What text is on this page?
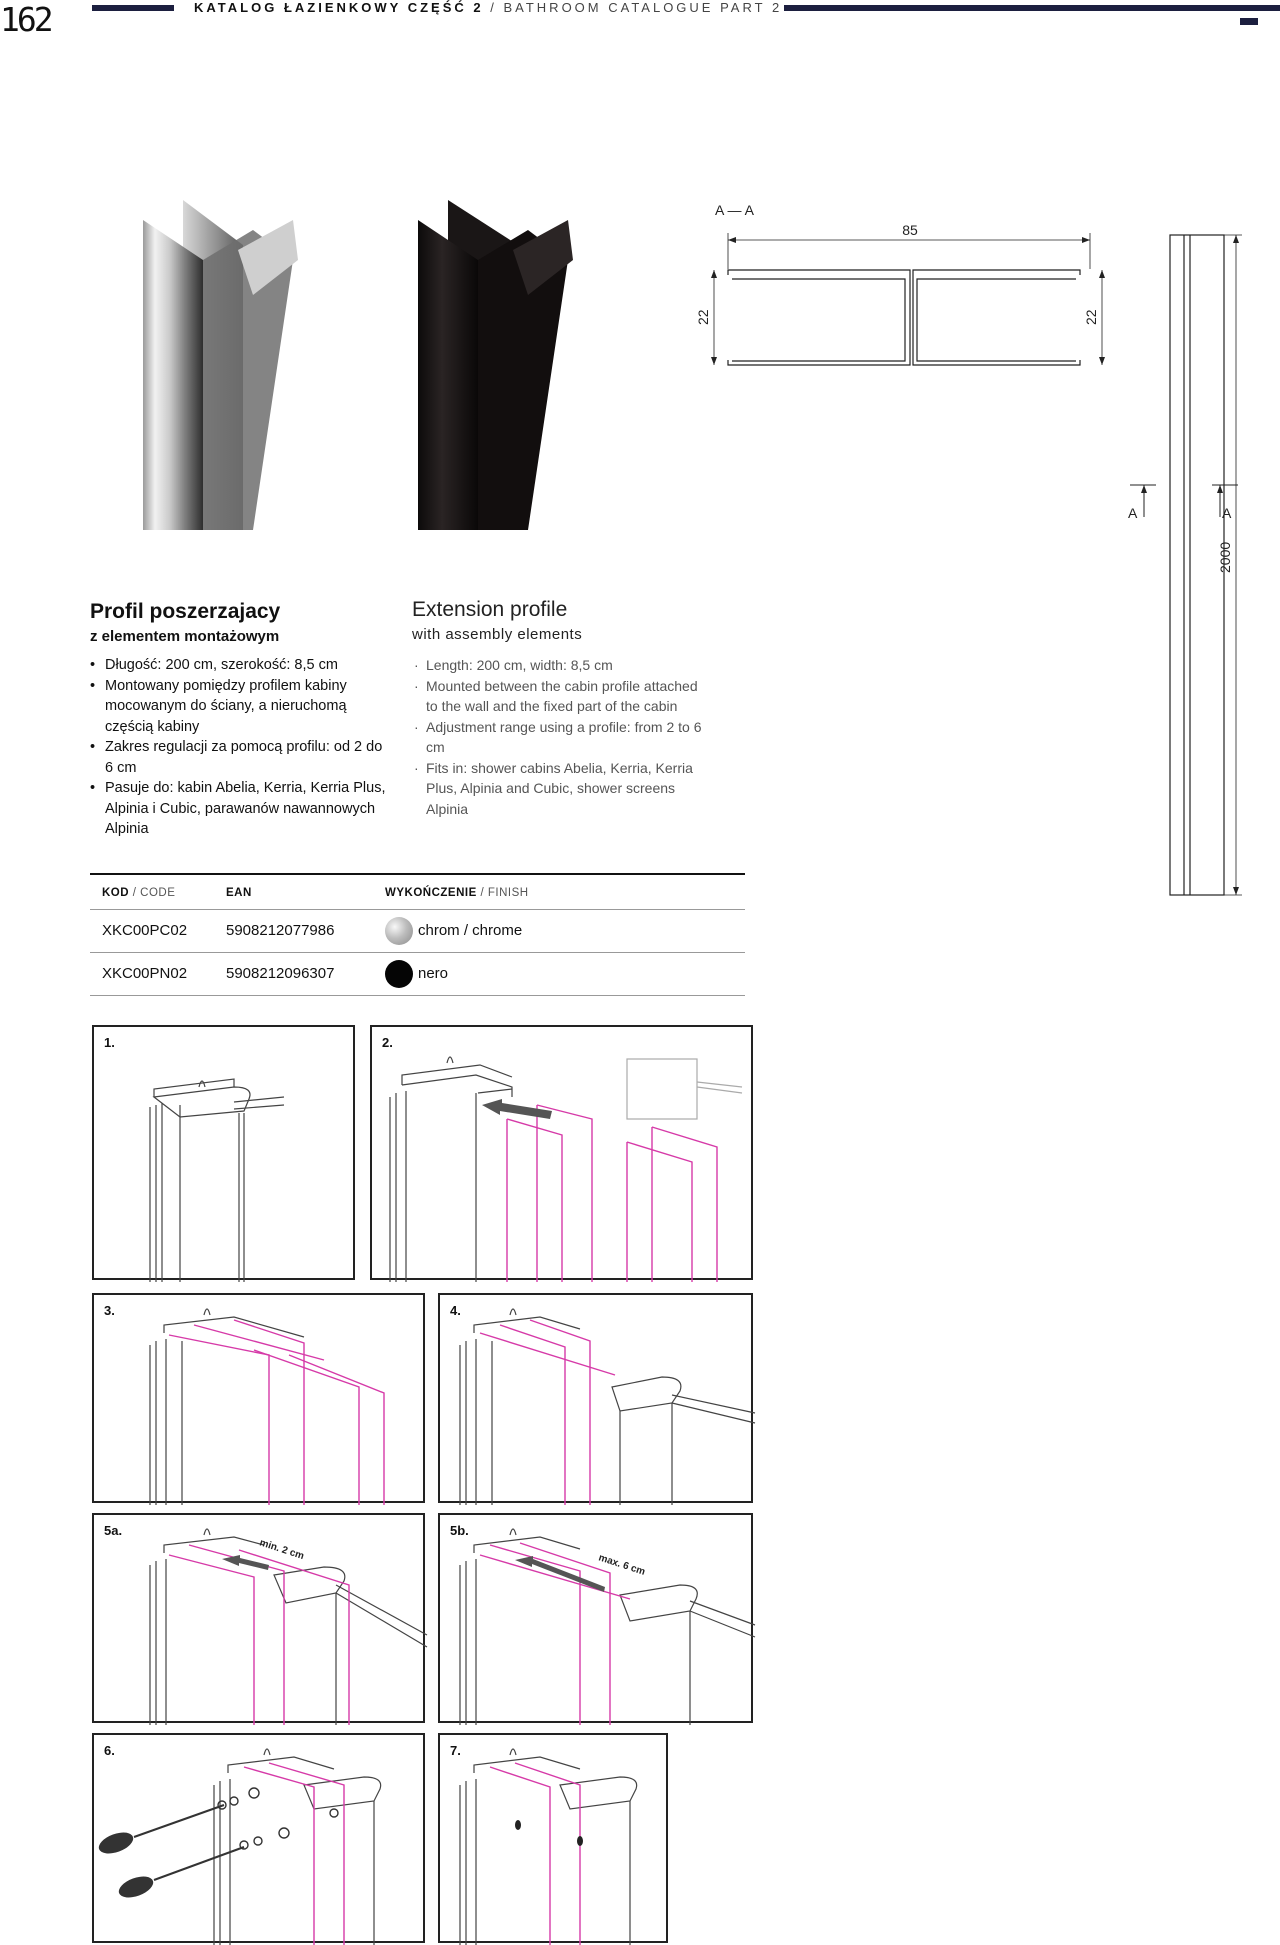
162	KATALOG ŁAZIENKOWY CZĘŚĆ 2 / BATHROOM CATALOGUE PART 2
A — A
85
22	22
A	A
2000
Profil poszerzajacy
z elementem montażowym
• Długość: 200 cm, szerokość: 8,5 cm
• Montowany pomiędzy profilem kabiny mocowanym do ściany, a nieruchomą częścią kabiny
• Zakres regulacji za pomocą profilu: od 2 do 6 cm
• Pasuje do: kabin Abelia, Kerria, Kerria Plus, Alpinia i Cubic, parawanów nawannowych Alpinia
Extension profile
with assembly elements
· Length: 200 cm, width: 8,5 cm
· Mounted between the cabin profile attached to the wall and the fixed part of the cabin
· Adjustment range using a profile: from 2 to 6 cm
· Fits in: shower cabins Abelia, Kerria, Kerria Plus, Alpinia and Cubic, shower screens Alpinia
KOD / CODE	EAN	WYKOŃCZENIE / FINISH
XKC00PC02	5908212077986	chrom / chrome
XKC00PN02	5908212096307	nero
1.	2.
3.	4.
min. 2 cm
5a.
max. 6 cm
5b.
6.	7.
